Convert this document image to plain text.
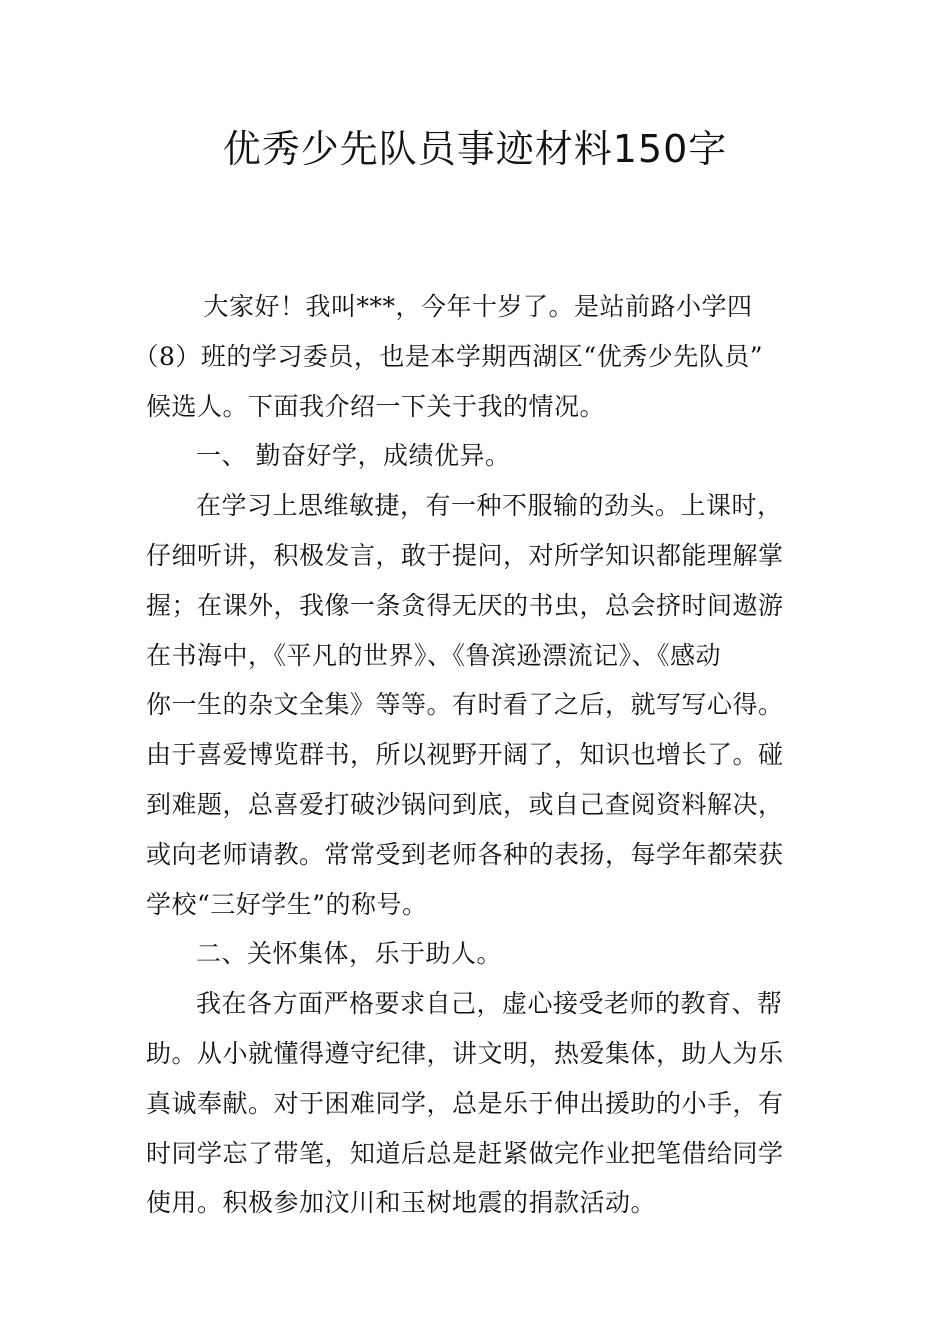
优秀少先队员事迹材料150字

大家好！我叫***，今年十岁了。是站前路小学四
（8）班的学习委员，也是本学期西湖区“优秀少先队员”
候选人。下面我介绍一下关于我的情况。

一、 勤奋好学，成绩优异。

在学习上思维敏捷，有一种不服输的劲头。上课时，
仔细听讲，积极发言，敢于提问，对所学知识都能理解掌
握；在课外，我像一条贪得无厌的书虫，总会挤时间遨游
在书海中，《平凡的世界》、《鲁滨逊漂流记》、《感动
你一生的杂文全集》等等。有时看了之后，就写写心得。
由于喜爱博览群书，所以视野开阔了，知识也增长了。碰
到难题，总喜爱打破沙锅问到底，或自己查阅资料解决，
或向老师请教。常常受到老师各种的表扬，每学年都荣获
学校“三好学生”的称号。

二、关怀集体，乐于助人。

我在各方面严格要求自己，虚心接受老师的教育、帮
助。从小就懂得遵守纪律，讲文明，热爱集体，助人为乐
真诚奉献。对于困难同学，总是乐于伸出援助的小手，有
时同学忘了带笔，知道后总是赶紧做完作业把笔借给同学
使用。积极参加汶川和玉树地震的捐款活动。
